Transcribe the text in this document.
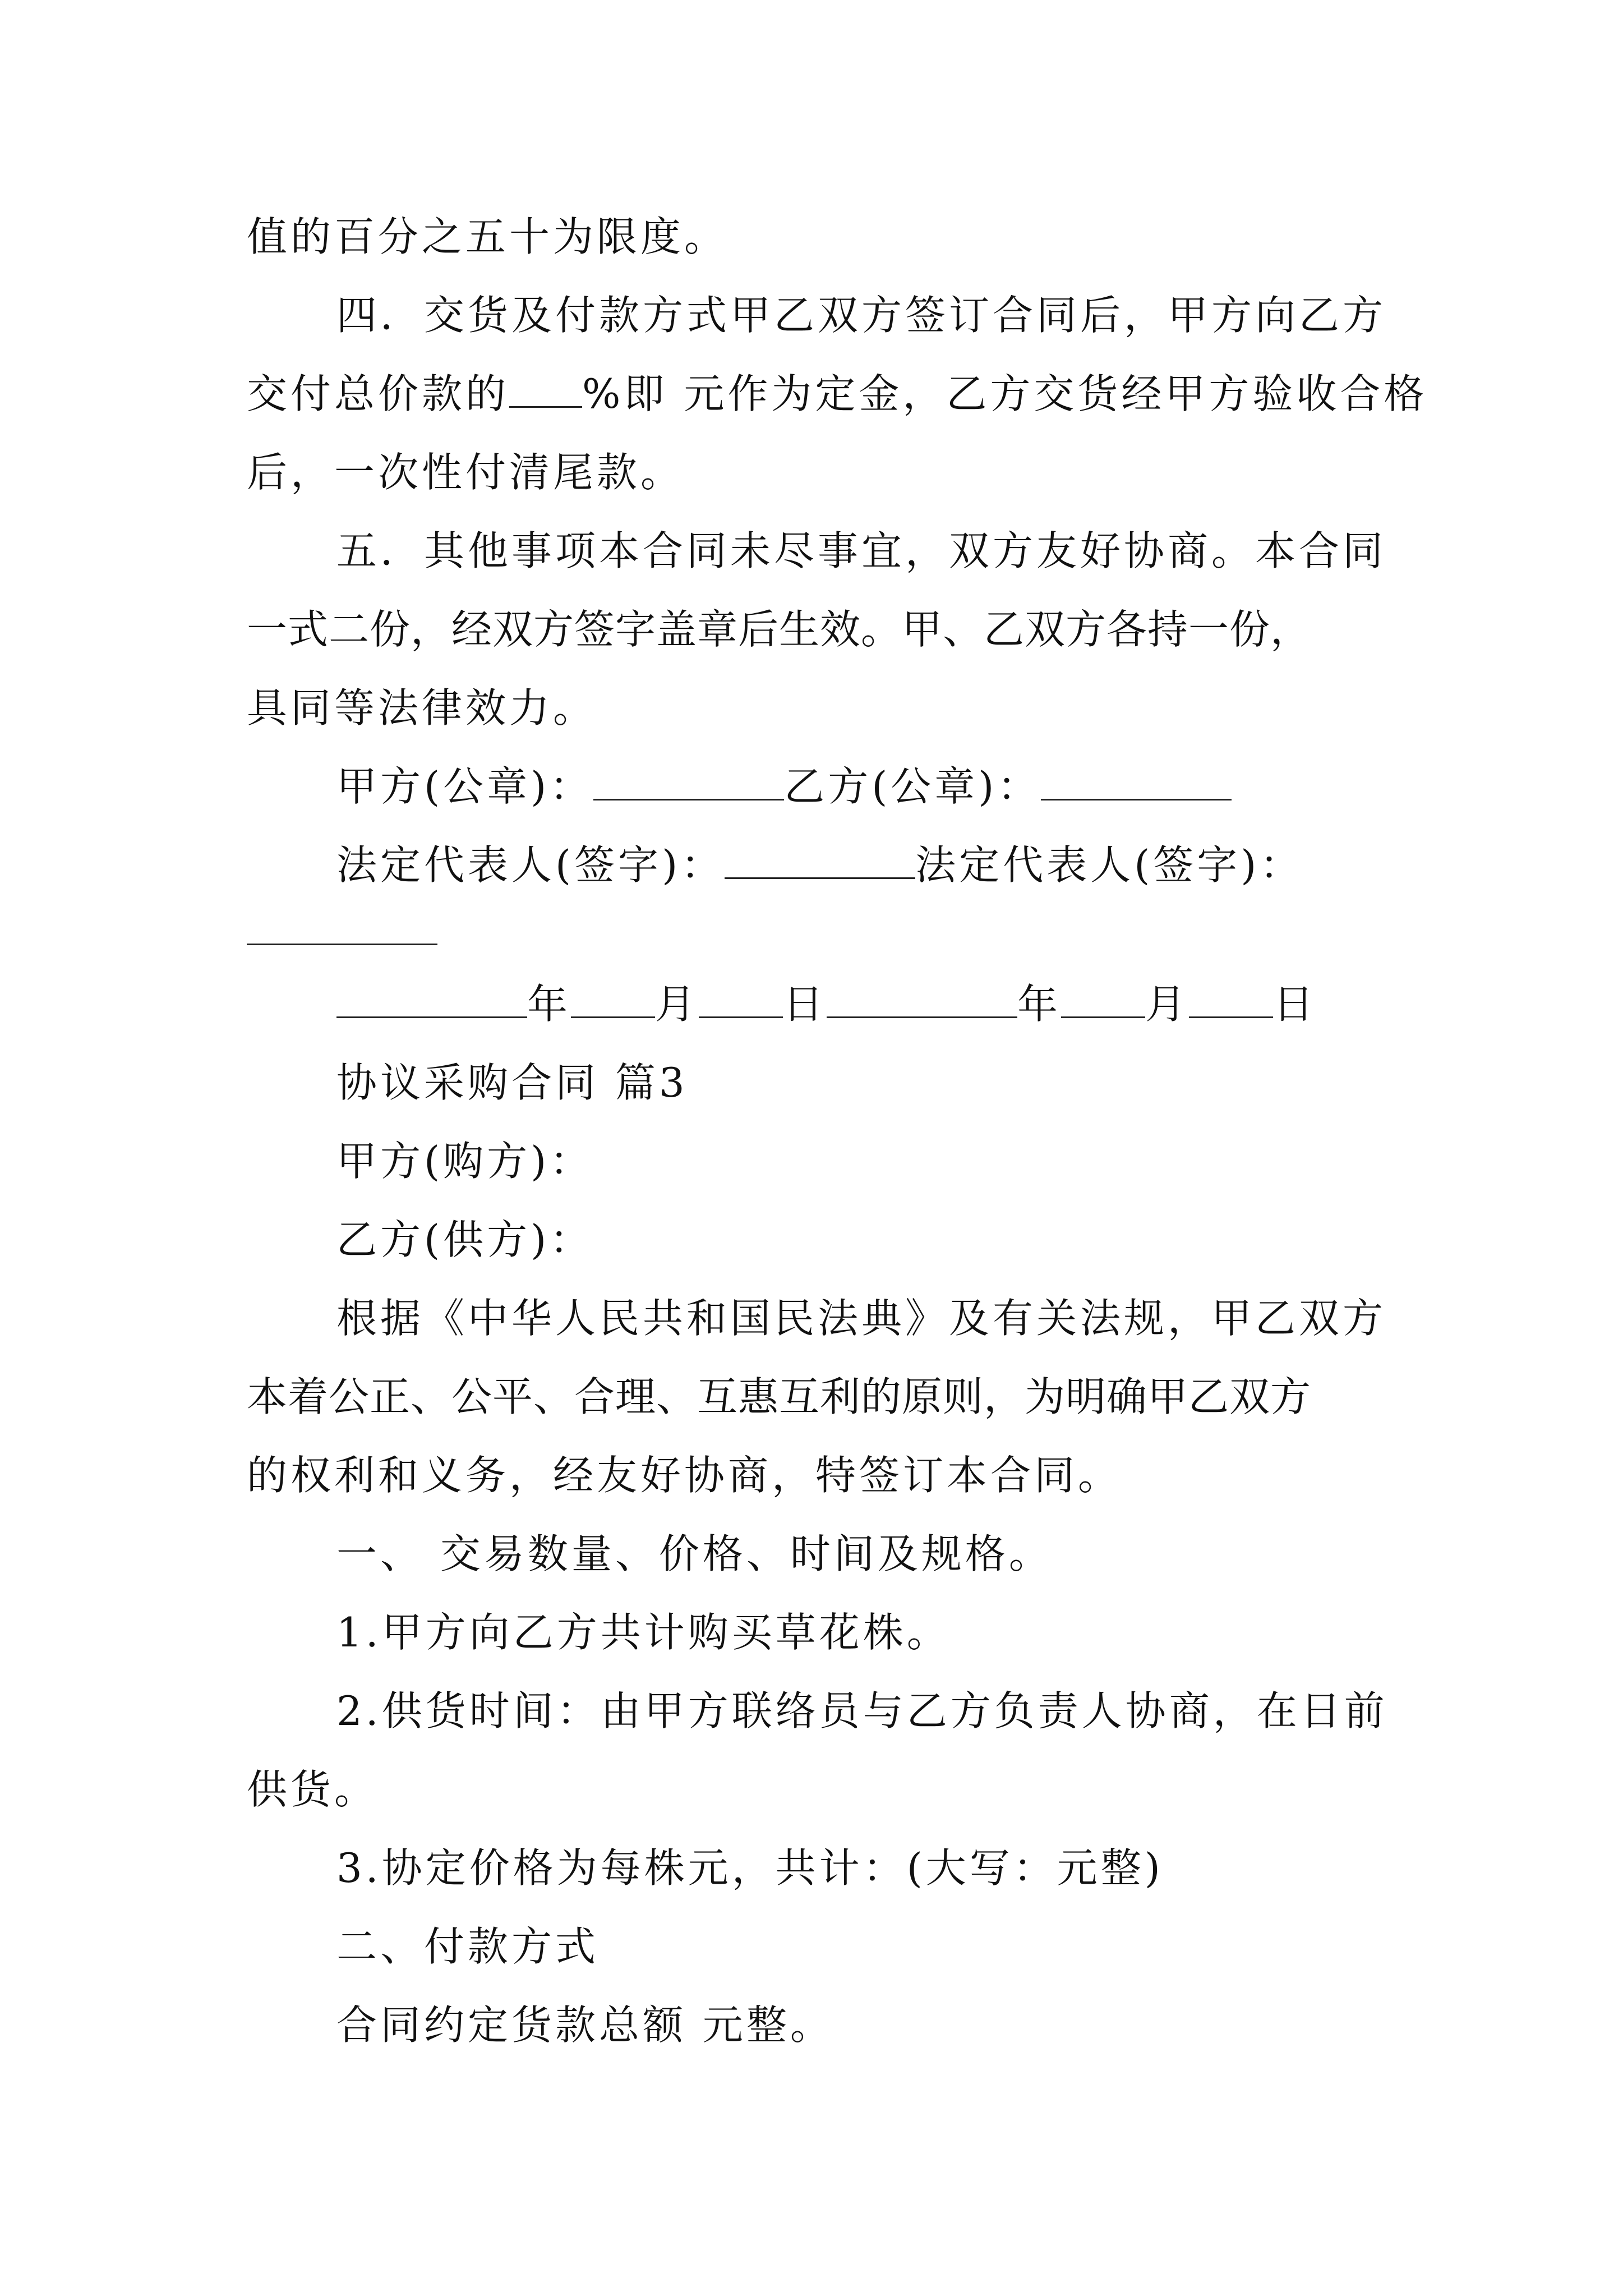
值的百分之五十为限度。
四．交货及付款方式甲乙双方签订合同后，甲方向乙方
交付总价款的 %即 元作为定金，乙方交货经甲方验收合格
后，一次性付清尾款。
五．其他事项本合同未尽事宜，双方友好协商。本合同
一式二份，经双方签字盖章后生效。甲、乙双方各持一份，
具同等法律效力。
甲方(公章)：	乙方(公章)：
法定代表人(签字)：	法定代表人(签字)：
年 月 日	年 月 日
协议采购合同 篇3
甲方(购方)：
乙方(供方)：
根据《中华人民共和国民法典》及有关法规，甲乙双方
本着公正、公平、合理、互惠互利的原则，为明确甲乙双方
的权利和义务，经友好协商，特签订本合同。
一、 交易数量、价格、时间及规格。
1.甲方向乙方共计购买草花株。
2.供货时间：由甲方联络员与乙方负责人协商，在日前
供货。
3.协定价格为每株元，共计：(大写：元整)
二、付款方式
合同约定货款总额 元整。
